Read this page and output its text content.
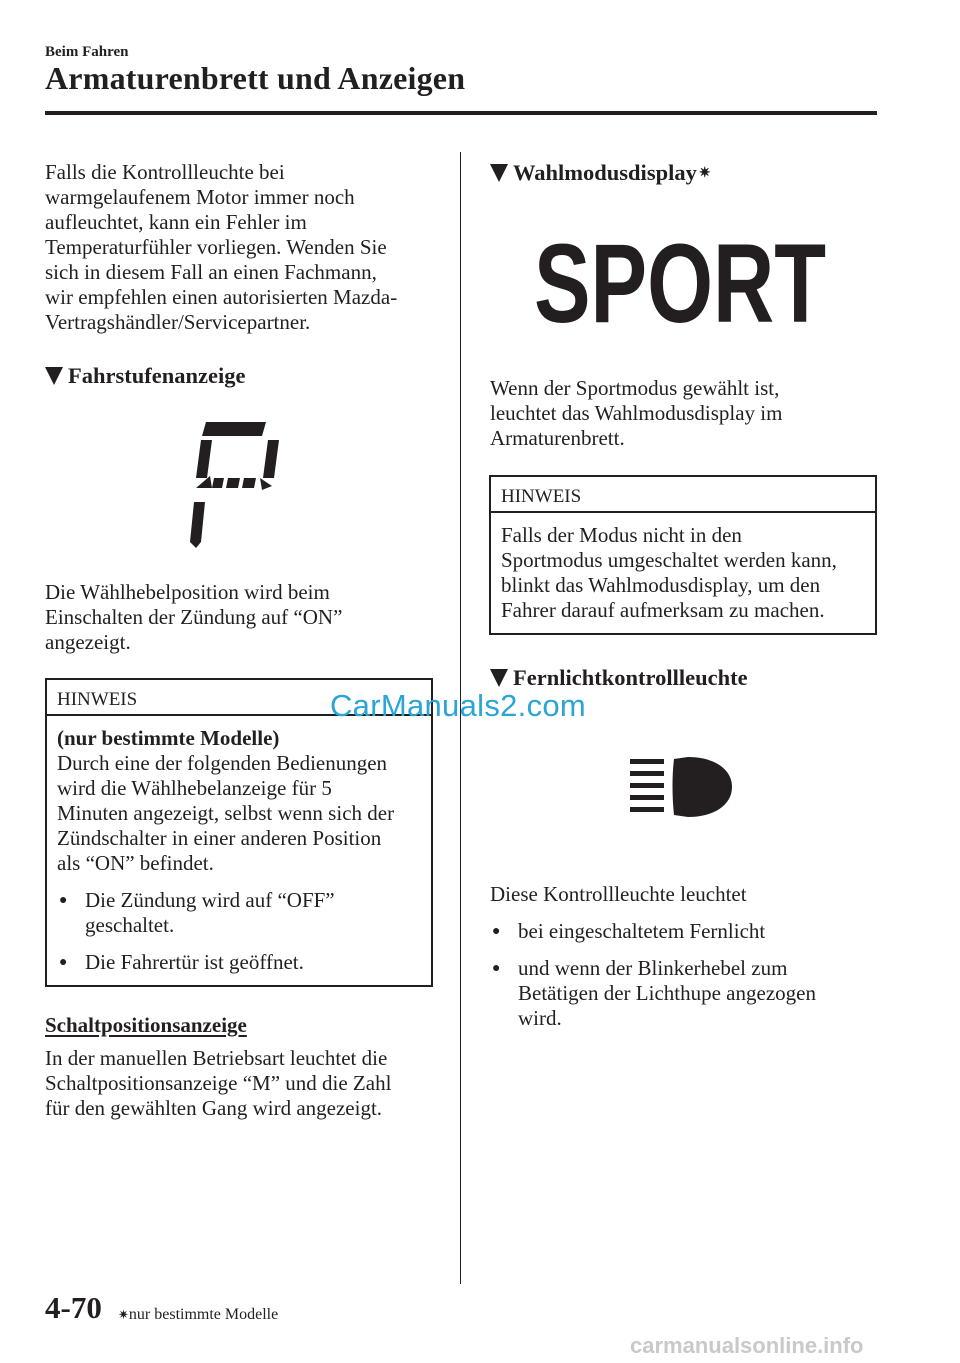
Beim Fahren
Armaturenbrett und Anzeigen
Falls die Kontrollleuchte bei
warmgelaufenem Motor immer noch
aufleuchtet, kann ein Fehler im
Temperaturfühler vorliegen. Wenden Sie
sich in diesem Fall an einen Fachmann,
wir empfehlen einen autorisierten Mazda-
Vertragshändler/Servicepartner.
Fahrstufenanzeige
Die Wählhebelposition wird beim
Einschalten der Zündung auf “ON”
angezeigt.
HINWEIS
(nur bestimmte Modelle)
Durch eine der folgenden Bedienungen
wird die Wählhebelanzeige für 5
Minuten angezeigt, selbst wenn sich der
Zündschalter in einer anderen Position
als “ON” befindet.
● Die Zündung wird auf “OFF”
geschaltet.
● Die Fahrertür ist geöffnet.
Schaltpositionsanzeige
In der manuellen Betriebsart leuchtet die
Schaltpositionsanzeige “M” und die Zahl
für den gewählten Gang wird angezeigt.
Wahlmodusdisplay ✷
SPORT
Wenn der Sportmodus gewählt ist,
leuchtet das Wahlmodusdisplay im
Armaturenbrett.
HINWEIS
Falls der Modus nicht in den
Sportmodus umgeschaltet werden kann,
blinkt das Wahlmodusdisplay, um den
Fahrer darauf aufmerksam zu machen.
Fernlichtkontrollleuchte
Diese Kontrollleuchte leuchtet
● bei eingeschaltetem Fernlicht
● und wenn der Blinkerhebel zum
Betätigen der Lichthupe angezogen
wird.
4-70 ✷nur bestimmte Modelle
CarManuals2.com
carmanualsonline.info
